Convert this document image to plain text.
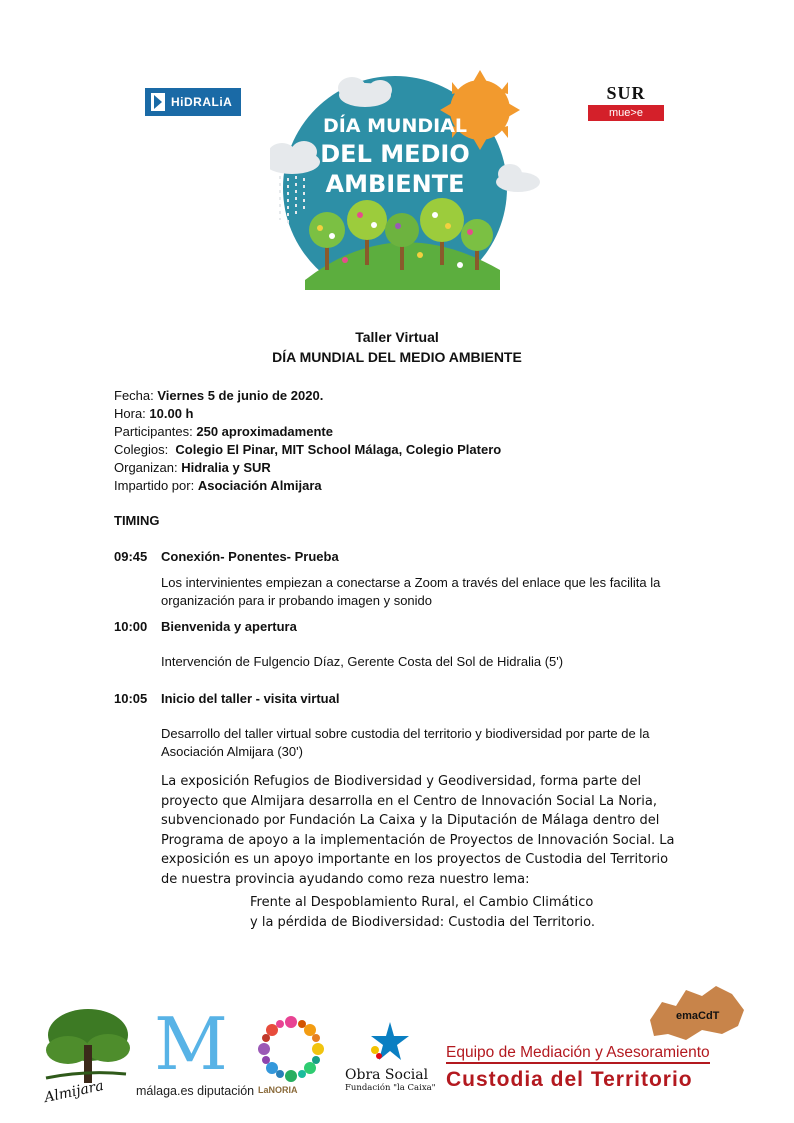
HiDRALiA	SUR
mue>e
DÍA MUNDIAL
DEL MEDIO
AMBIENTE
Taller Virtual
DÍA MUNDIAL DEL MEDIO AMBIENTE
Fecha: Viernes 5 de junio de 2020.
Hora: 10.00 h
Participantes: 250 aproximadamente
Colegios:  Colegio El Pinar, MIT School Málaga, Colegio Platero
Organizan: Hidralia y SUR
Impartido por: Asociación Almijara
TIMING
09:45 Conexión- Ponentes- Prueba
Los intervinientes empiezan a conectarse a Zoom a través del enlace que les facilita la
organización para ir probando imagen y sonido
10:00 Bienvenida y apertura
Intervención de Fulgencio Díaz, Gerente Costa del Sol de Hidralia (5')
10:05 Inicio del taller - visita virtual
Desarrollo del taller virtual sobre custodia del territorio y biodiversidad por parte de la
Asociación Almijara (30')
La exposición Refugios de Biodiversidad y Geodiversidad, forma parte del
proyecto que Almijara desarrolla en el Centro de Innovación Social La Noria,
subvencionado por Fundación La Caixa y la Diputación de Málaga dentro del
Programa de apoyo a la implementación de Proyectos de Innovación Social. La
exposición es un apoyo importante en los proyectos de Custodia del Territorio
de nuestra provincia ayudando como reza nuestro lema:
Frente al Despoblamiento Rural, el Cambio Climático
y la pérdida de Biodiversidad: Custodia del Territorio.
Almijara
M
málaga.es diputación LaNORIA
Obra Social
Fundación "la Caixa"
emaCdT
Equipo de Mediación y Asesoramiento
Custodia del Territorio
